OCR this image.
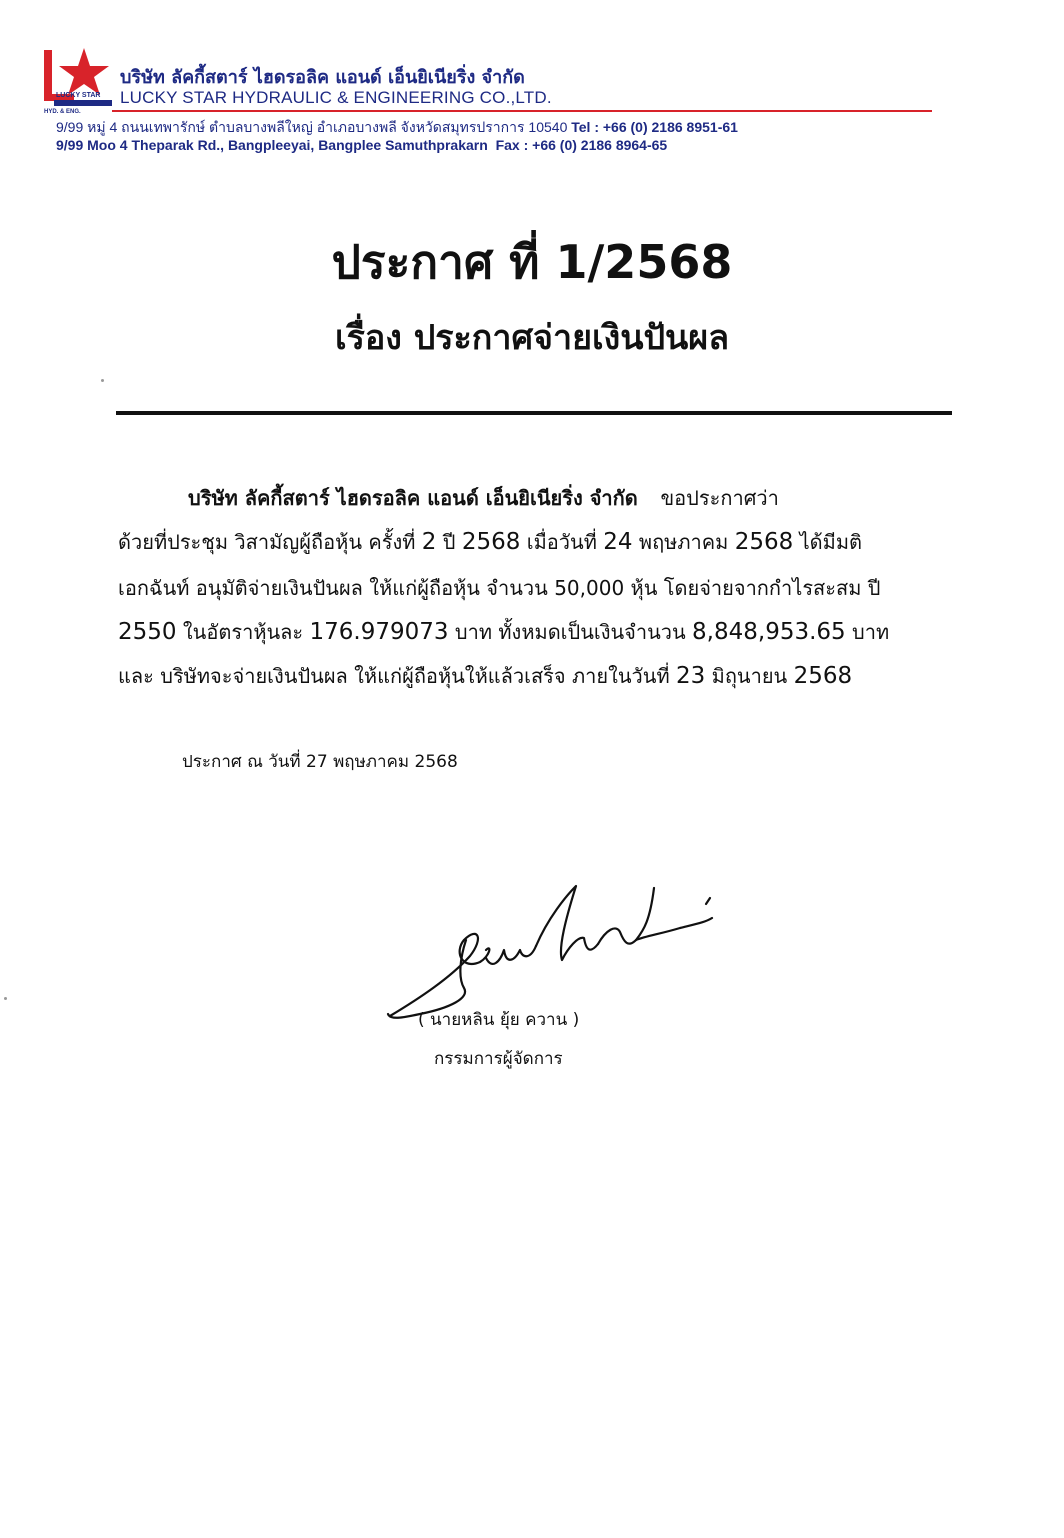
LUCKY STAR
HYD. & ENG.
บริษัท ลัคกี้สตาร์ ไฮดรอลิค แอนด์ เอ็นยิเนียริ่ง จำกัด
LUCKY STAR HYDRAULIC & ENGINEERING CO.,LTD.
9/99 หมู่ 4 ถนนเทพารักษ์ ตำบลบางพลีใหญ่ อำเภอบางพลี จังหวัดสมุทรปราการ 10540 Tel : +66 (0) 2186 8951-61
9/99 Moo 4 Theparak Rd., Bangpleeyai, Bangplee Samuthprakarn Fax : +66 (0) 2186 8964-65
ประกาศ ที่ 1/2568
เรื่อง ประกาศจ่ายเงินปันผล
บริษัท ลัคกี้สตาร์ ไฮดรอลิค แอนด์ เอ็นยิเนียริ่ง จำกัด ขอประกาศว่า
ด้วยที่ประชุม วิสามัญผู้ถือหุ้น ครั้งที่ 2 ปี 2568 เมื่อวันที่ 24 พฤษภาคม 2568 ได้มีมติ
เอกฉันท์ อนุมัติจ่ายเงินปันผล ให้แก่ผู้ถือหุ้น จำนวน 50,000 หุ้น โดยจ่ายจากกำไรสะสม ปี
2550 ในอัตราหุ้นละ 176.979073 บาท ทั้งหมดเป็นเงินจำนวน 8,848,953.65 บาท
และ บริษัทจะจ่ายเงินปันผล ให้แก่ผู้ถือหุ้นให้แล้วเสร็จ ภายในวันที่ 23 มิถุนายน 2568
ประกาศ ณ วันที่ 27 พฤษภาคม 2568
( นายหลิน ยุ้ย ควาน )
กรรมการผู้จัดการ
